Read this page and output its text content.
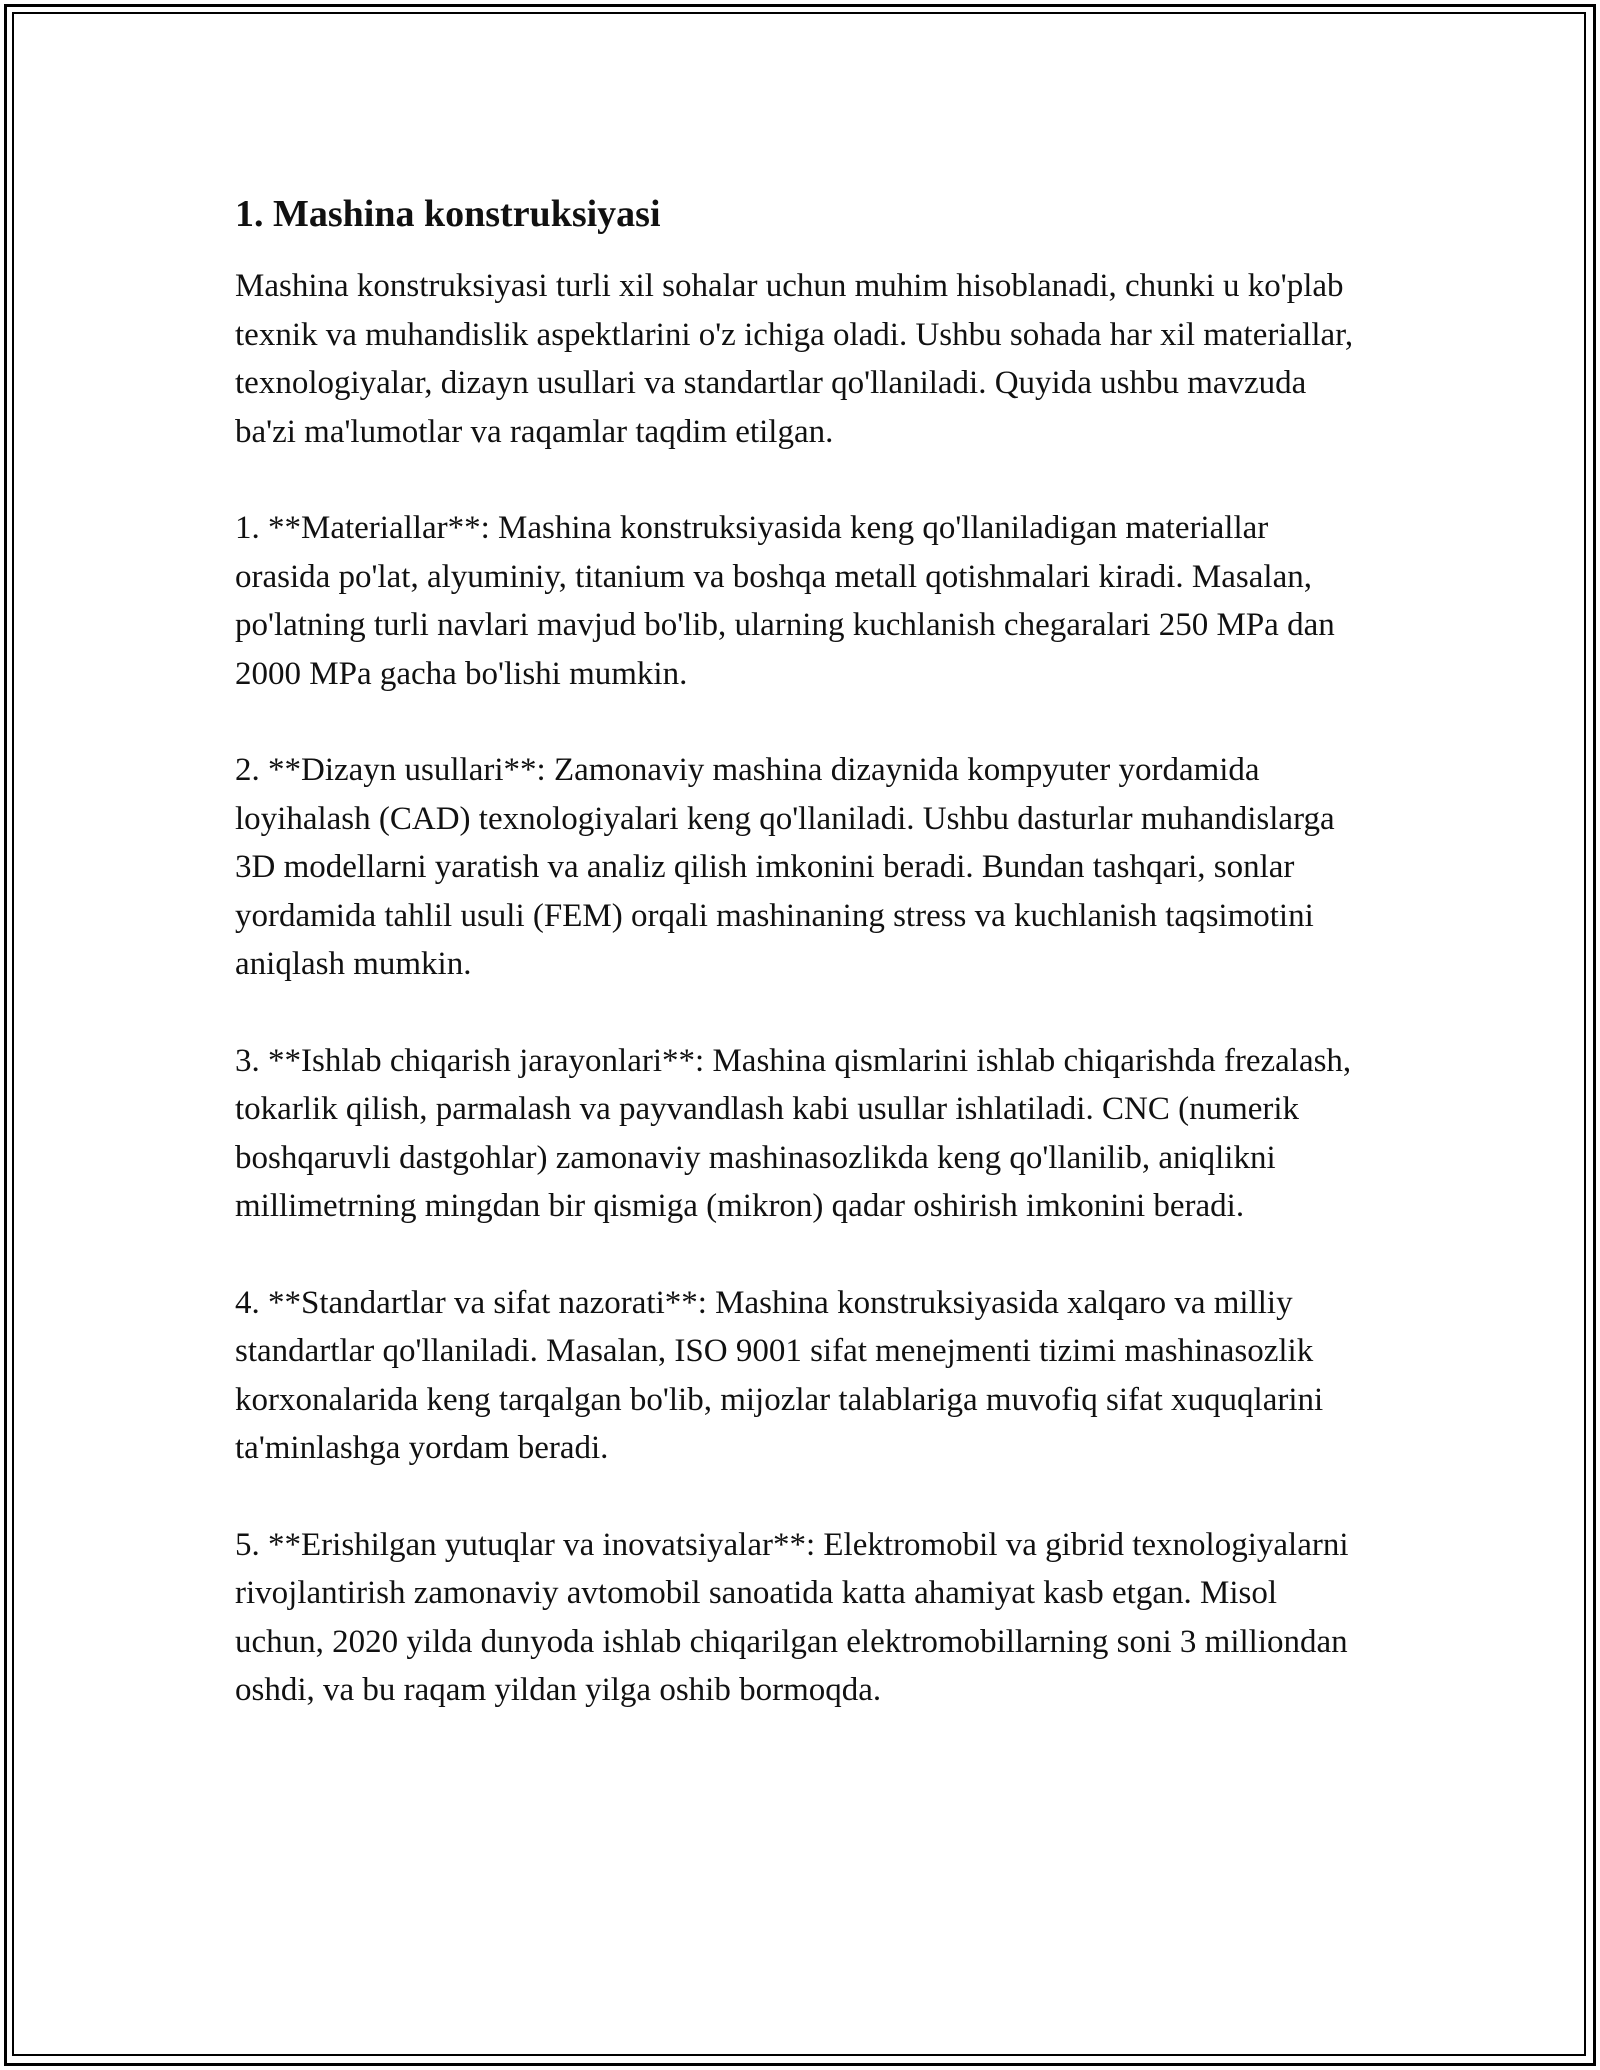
1. Mashina konstruksiyasi

Mashina konstruksiyasi turli xil sohalar uchun muhim hisoblanadi, chunki u ko'plab texnik va muhandislik aspektlarini o'z ichiga oladi. Ushbu sohada har xil materiallar, texnologiyalar, dizayn usullari va standartlar qo'llaniladi. Quyida ushbu mavzuda ba'zi ma'lumotlar va raqamlar taqdim etilgan.

1. **Materiallar**: Mashina konstruksiyasida keng qo'llaniladigan materiallar orasida po'lat, alyuminiy, titanium va boshqa metall qotishmalari kiradi. Masalan, po'latning turli navlari mavjud bo'lib, ularning kuchlanish chegaralari 250 MPa dan 2000 MPa gacha bo'lishi mumkin.

2. **Dizayn usullari**: Zamonaviy mashina dizaynida kompyuter yordamida loyihalash (CAD) texnologiyalari keng qo'llaniladi. Ushbu dasturlar muhandislarga 3D modellarni yaratish va analiz qilish imkonini beradi. Bundan tashqari, sonlar yordamida tahlil usuli (FEM) orqali mashinaning stress va kuchlanish taqsimotini aniqlash mumkin.

3. **Ishlab chiqarish jarayonlari**: Mashina qismlarini ishlab chiqarishda frezalash, tokarlik qilish, parmalash va payvandlash kabi usullar ishlatiladi. CNC (numerik boshqaruvli dastgohlar) zamonaviy mashinasozlikda keng qo'llanilib, aniqlikni millimetrning mingdan bir qismiga (mikron) qadar oshirish imkonini beradi.

4. **Standartlar va sifat nazorati**: Mashina konstruksiyasida xalqaro va milliy standartlar qo'llaniladi. Masalan, ISO 9001 sifat menejmenti tizimi mashinasozlik korxonalarida keng tarqalgan bo'lib, mijozlar talablariga muvofiq sifat xuquqlarini ta'minlashga yordam beradi.

5. **Erishilgan yutuqlar va inovatsiyalar**: Elektromobil va gibrid texnologiyalarni rivojlantirish zamonaviy avtomobil sanoatida katta ahamiyat kasb etgan. Misol uchun, 2020 yilda dunyoda ishlab chiqarilgan elektromobillarning soni 3 milliondan oshdi, va bu raqam yildan yilga oshib bormoqda.
